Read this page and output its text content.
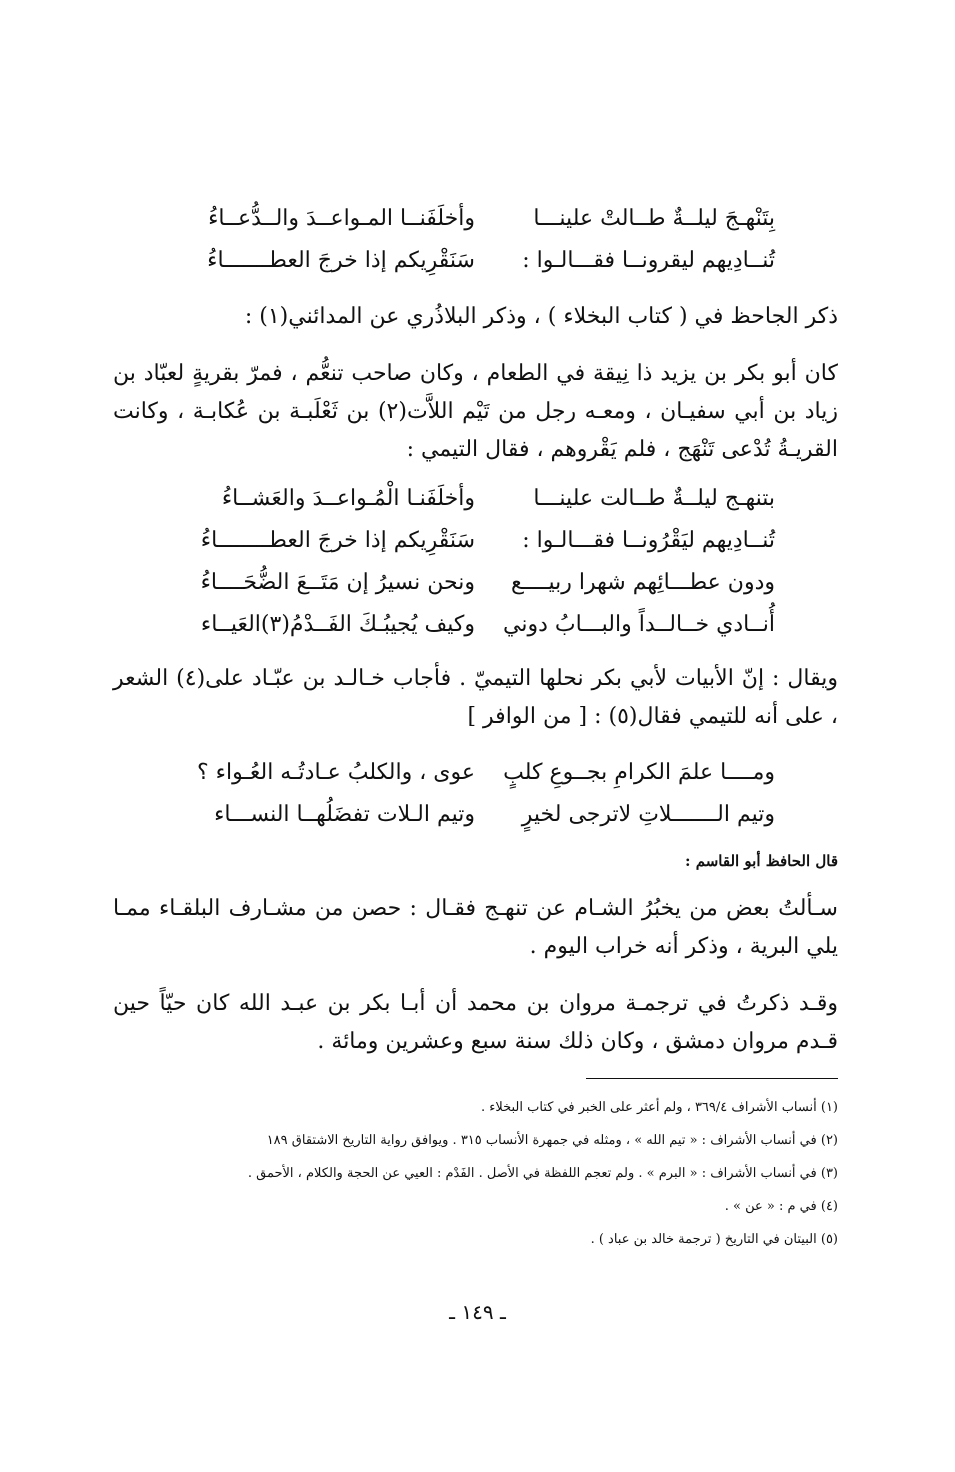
بِتَنْهـجَ ليلــةٌ طــالتْ علينـــا
وأخلَفَنــا المـواعــدَ والــدُّعــاءُ
تُنــادِيهم ليقرونــا فقـــالـوا :
سَنَقْرِيكم إذا خرجَ العطـــــــاءُ
ذكر الجاحظ في ( كتاب البخلاء ) ، وذكر البلاذُري عن المدائني(١) :
كان أبو بكر بن يزيد ذا نِيقة في الطعام ، وكان صاحب تنعُّم ، فمرّ بقريةٍ لعبّاد بن زياد بن أبي سفيـان ، ومعـه رجل من تَيْم اللاَّت(٢) بن ثَعْلَبـة بن عُكابـة ، وكانت القريـةُ تُدْعى تَنْهَج ، فلم يَقْروهم ، فقال التيمي :
بتنهـج ليلــةٌ طــالت علينـــا
وأخلَفَنـا الْمُـواعــدَ والعَشــاءُ
تُنــادِيهم ليَقْرُونــا فقـــالـوا :
سَنَقْرِيكم إذا خرجَ العطــــــــاءُ
ودون عطـــائِهم شهرا ربيــــع
ونحن نسيرُ إن مَتَــعَ الضُّحَــــاءُ
أُنــادي خــالــداً والبـــابُ دوني
وكيف يُجيبُـكَ الفَــدْمُ(٣)العَيــاء
ويقال : إنّ الأبيات لأبي بكر نحلها التيميّ . فأجاب خـالـد بن عبّـاد على(٤) الشعر ، على أنه للتيمي فقال(٥) : [ من الوافر ]
ومــــا علمَ الكرامِ بجــوعِ كلبٍ
عوى ، والكلبُ عـادتُـه العُـواء ؟
وتيم الـــــــلاتِ لاترجى لخيرٍ
وتيم الـلات تفضَلُهــا النســـاء
قال الحافظ أبو القاسم :
سـألتُ بعض من يخبُرُ الشـام عن تنهـج فقـال : حصن من مشـارف البلقـاء ممـا يلي البرية ، وذكر أنه خراب اليوم .
وقـد ذكرتُ في ترجمـة مروان بن محمد أن أبـا بكر بن عبـد الله كان حيّاً حين قـدم مروان دمشق ، وكان ذلك سنة سبع وعشرين ومائة .
(١) أنساب الأشراف ٣٦٩/٤ ، ولم أعثر على الخبر في كتاب البخلاء .
(٢) في أنساب الأشراف : « تيم الله » ، ومثله في جمهرة الأنساب ٣١٥ . ويوافق رواية التاريخ الاشتقاق ١٨٩
(٣) في أنساب الأشراف : « البرم » . ولم تعجم اللفظة في الأصل . الفَدْم : العيي عن الحجة والكلام ، الأحمق .
(٤) في م : « عن » .
(٥) البيتان في التاريخ ( ترجمة خالد بن عباد ) .
ـ ١٤٩ ـ
